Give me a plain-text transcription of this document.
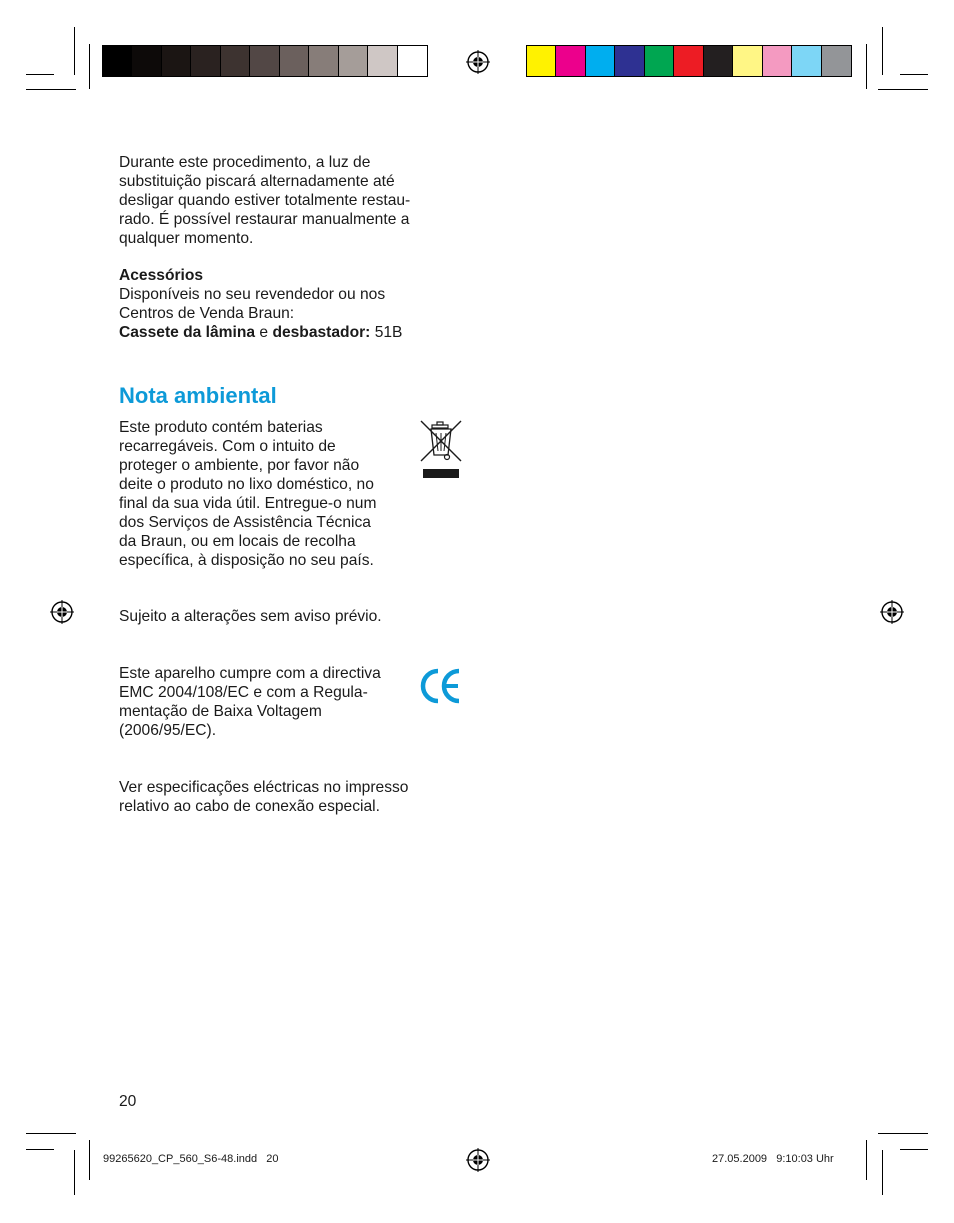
Durante este procedimento, a luz de
substituição piscará alternadamente até
desligar quando estiver totalmente restau-
rado. É possível restaurar manualmente a
qualquer momento.
Acessórios
Disponíveis no seu revendedor ou nos
Centros de Venda Braun:
Cassete da lâmina e desbastador: 51B
Nota ambiental
Este produto contém baterias
recarregáveis. Com o intuito de
proteger o ambiente, por favor não
deite o produto no lixo doméstico, no
final da sua vida útil. Entregue-o num
dos Serviços de Assistência Técnica
da Braun, ou em locais de recolha
específica, à disposição no seu país.
Sujeito a alterações sem aviso prévio.
Este aparelho cumpre com a directiva
EMC 2004/108/EC e com a Regula-
mentação de Baixa Voltagem
(2006/95/EC).
Ver especificações eléctricas no impresso
relativo ao cabo de conexão especial.
20
99265620_CP_560_S6-48.indd   20	27.05.2009   9:10:03 Uhr
